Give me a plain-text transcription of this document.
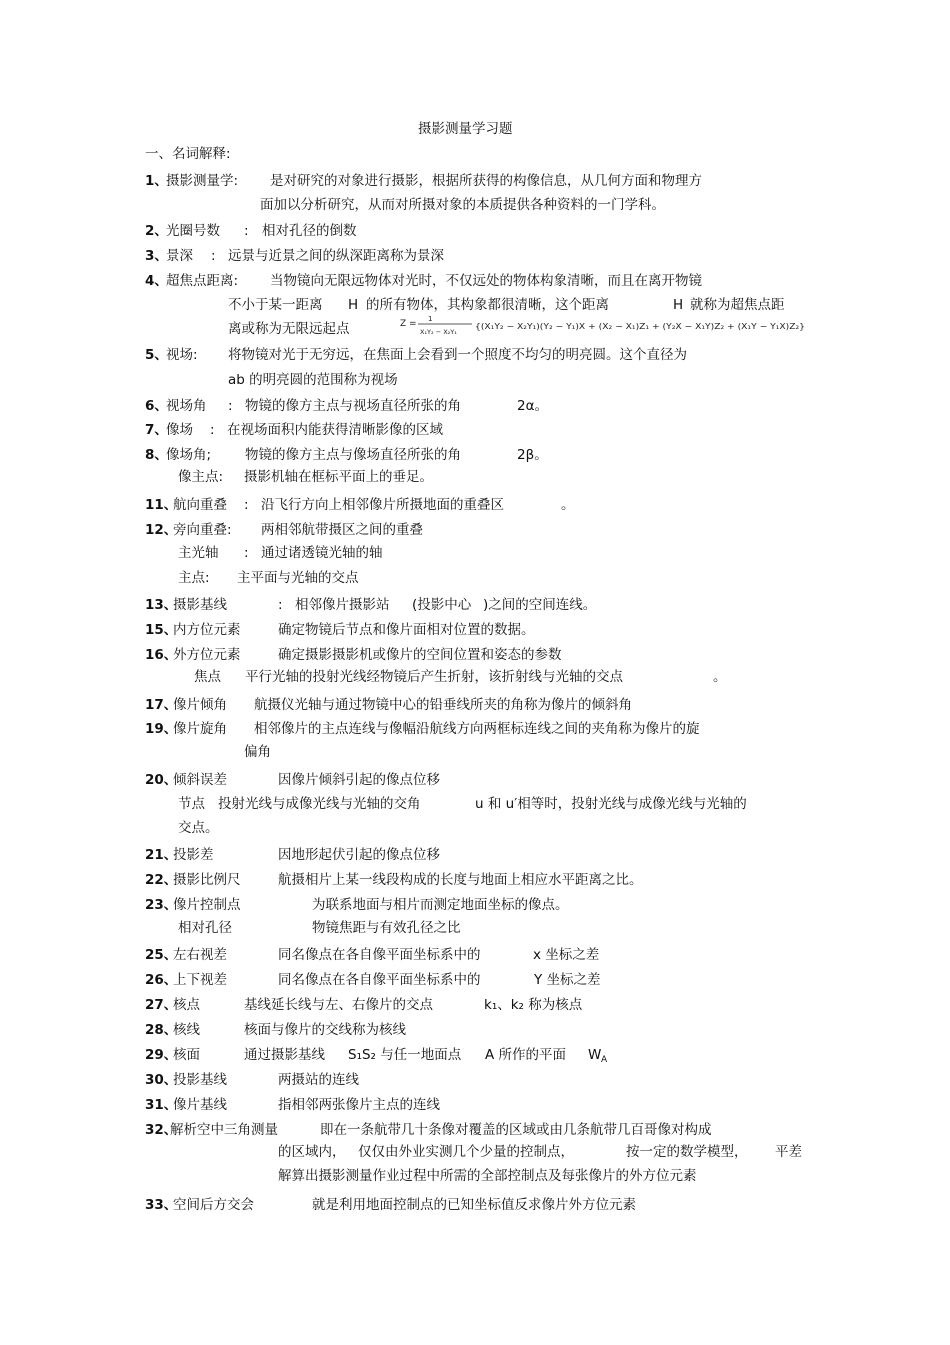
摄影测量学习题
一、名词解释:
1、
摄影测量学: 是对研究的对象进行摄影，根据所获得的构像信息，从几何方面和物理方
面加以分析研究，从而对所摄对象的本质提供各种资料的一门学科。
2、
光圈号数 : 相对孔径的倒数
3、
景深 : 远景与近景之间的纵深距离称为景深
4、
超焦点距离: 当物镜向无限远物体对光时，不仅远处的物体构象清晰，而且在离开物镜
不小于某一距离 H 的所有物体，其构象都很清晰，这个距离	H 就称为超焦点距
离或称为无限远起点	Z = 1
X₁Y₂ − X₂Y₁
{(X₁Y₂ − X₂Y₁)(Y₂ − Y₁)X + (X₂ − X₁)Z₁ + (Y₂X − X₁Y)Z₂ + (X₁Y − Y₁X)Z₂}
5、
视场: 将物镜对光于无穷远，在焦面上会看到一个照度不均匀的明亮圆。这个直径为
ab 的明亮圆的范围称为视场
6、
视场角 : 物镜的像方主点与视场直径所张的角	2α。
7、
像场 : 在视场面积内能获得清晰影像的区域
8、
像场角;	物镜的像方主点与像场直径所张的角	2β。
像主点: 摄影机轴在框标平面上的垂足。
11、
航向重叠 : 沿飞行方向上相邻像片所摄地面的重叠区	。
12、
旁向重叠: 两相邻航带摄区之间的重叠
主光轴 : 通过诸透镜光轴的轴
主点: 主平面与光轴的交点
13、
摄影基线	: 相邻像片摄影站 (投影中心 )之间的空间连线。
15、
内方位元素	确定物镜后节点和像片面相对位置的数据。
16、
外方位元素	确定摄影摄影机或像片的空间位置和姿态的参数
焦点 平行光轴的投射光线经物镜后产生折射，该折射线与光轴的交点	。
17、
像片倾角 航摄仪光轴与通过物镜中心的铅垂线所夹的角称为像片的倾斜角
19、
像片旋角 相邻像片的主点连线与像幅沿航线方向两框标连线之间的夹角称为像片的旋
偏角
20、
倾斜误差	因像片倾斜引起的像点位移
节点 投射光线与成像光线与光轴的交角	u 和 u′相等时，投射光线与成像光线与光轴的
交点。
21、
投影差	因地形起伏引起的像点位移
22、
摄影比例尺	航摄相片上某一线段构成的长度与地面上相应水平距离之比。
23、
像片控制点	为联系地面与相片而测定地面坐标的像点。
相对孔径	物镜焦距与有效孔径之比
25、
左右视差	同名像点在各自像平面坐标系中的	x 坐标之差
26、
上下视差	同名像点在各自像平面坐标系中的	Y 坐标之差
27、
核点	基线延长线与左、右像片的交点	k₁、k₂ 称为核点
28、
核线	核面与像片的交线称为核线
29、
核面	通过摄影基线 S₁S₂ 与任一地面点 A 所作的平面 W A
30、
投影基线	两摄站的连线
31、
像片基线	指相邻两张像片主点的连线
32、
解析空中三角测量	即在一条航带几十条像对覆盖的区域或由几条航带几百哥像对构成
的区域内， 仅仅由外业实测几个少量的控制点，	按一定的数学模型， 平差
解算出摄影测量作业过程中所需的全部控制点及每张像片的外方位元素
33、
空间后方交会	就是利用地面控制点的已知坐标值反求像片外方位元素
